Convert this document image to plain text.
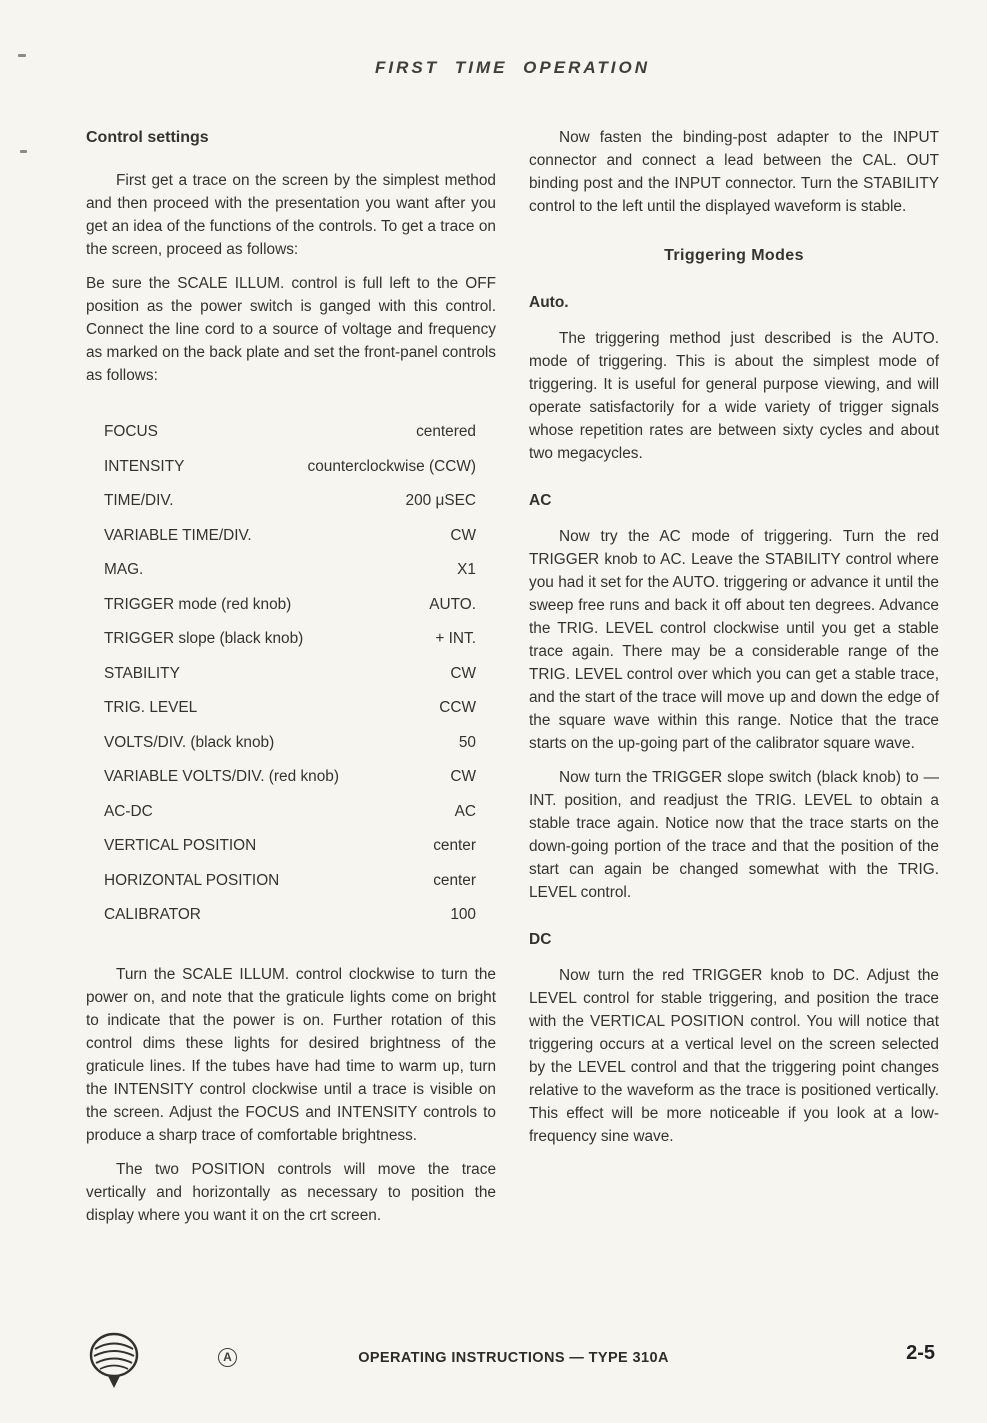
FIRST TIME OPERATION
Control settings

First get a trace on the screen by the simplest method and then proceed with the presentation you want after you get an idea of the functions of the controls. To get a trace on the screen, proceed as follows:

Be sure the SCALE ILLUM. control is full left to the OFF position as the power switch is ganged with this control. Connect the line cord to a source of voltage and frequency as marked on the back plate and set the front-panel controls as follows:

FOCUS	centered
INTENSITY	counterclockwise (CCW)
TIME/DIV.	200 μSEC
VARIABLE TIME/DIV.	CW
MAG.	X1
TRIGGER mode (red knob)	AUTO.
TRIGGER slope (black knob)	+ INT.
STABILITY	CW
TRIG. LEVEL	CCW
VOLTS/DIV. (black knob)	50
VARIABLE VOLTS/DIV. (red knob)	CW
AC-DC	AC
VERTICAL POSITION	center
HORIZONTAL POSITION	center
CALIBRATOR	100

Turn the SCALE ILLUM. control clockwise to turn the power on, and note that the graticule lights come on bright to indicate that the power is on. Further rotation of this control dims these lights for desired brightness of the graticule lines. If the tubes have had time to warm up, turn the INTENSITY control clockwise until a trace is visible on the screen. Adjust the FOCUS and INTENSITY controls to produce a sharp trace of comfortable brightness.

The two POSITION controls will move the trace vertically and horizontally as necessary to position the display where you want it on the crt screen.

Now fasten the binding-post adapter to the INPUT connector and connect a lead between the CAL. OUT binding post and the INPUT connector. Turn the STABILITY control to the left until the displayed waveform is stable.

Triggering Modes
Auto.

The triggering method just described is the AUTO. mode of triggering. This is about the simplest mode of triggering. It is useful for general purpose viewing, and will operate satisfactorily for a wide variety of trigger signals whose repetition rates are between sixty cycles and about two megacycles.

AC

Now try the AC mode of triggering. Turn the red TRIGGER knob to AC. Leave the STABILITY control where you had it set for the AUTO. triggering or advance it until the sweep free runs and back it off about ten degrees. Advance the TRIG. LEVEL control clockwise until you get a stable trace again. There may be a considerable range of the TRIG. LEVEL control over which you can get a stable trace, and the start of the trace will move up and down the edge of the square wave within this range. Notice that the trace starts on the up-going part of the calibrator square wave.

Now turn the TRIGGER slope switch (black knob) to —INT. position, and readjust the TRIG. LEVEL to obtain a stable trace again. Notice now that the trace starts on the down-going portion of the trace and that the position of the start can again be changed somewhat with the TRIG. LEVEL control.

DC

Now turn the red TRIGGER knob to DC. Adjust the LEVEL control for stable triggering, and position the trace with the VERTICAL POSITION control. You will notice that triggering occurs at a vertical level on the screen selected by the LEVEL control and that the triggering point changes relative to the waveform as the trace is positioned vertically. This effect will be more noticeable if you look at a low-frequency sine wave.

A	OPERATING INSTRUCTIONS — TYPE 310A	2-5
